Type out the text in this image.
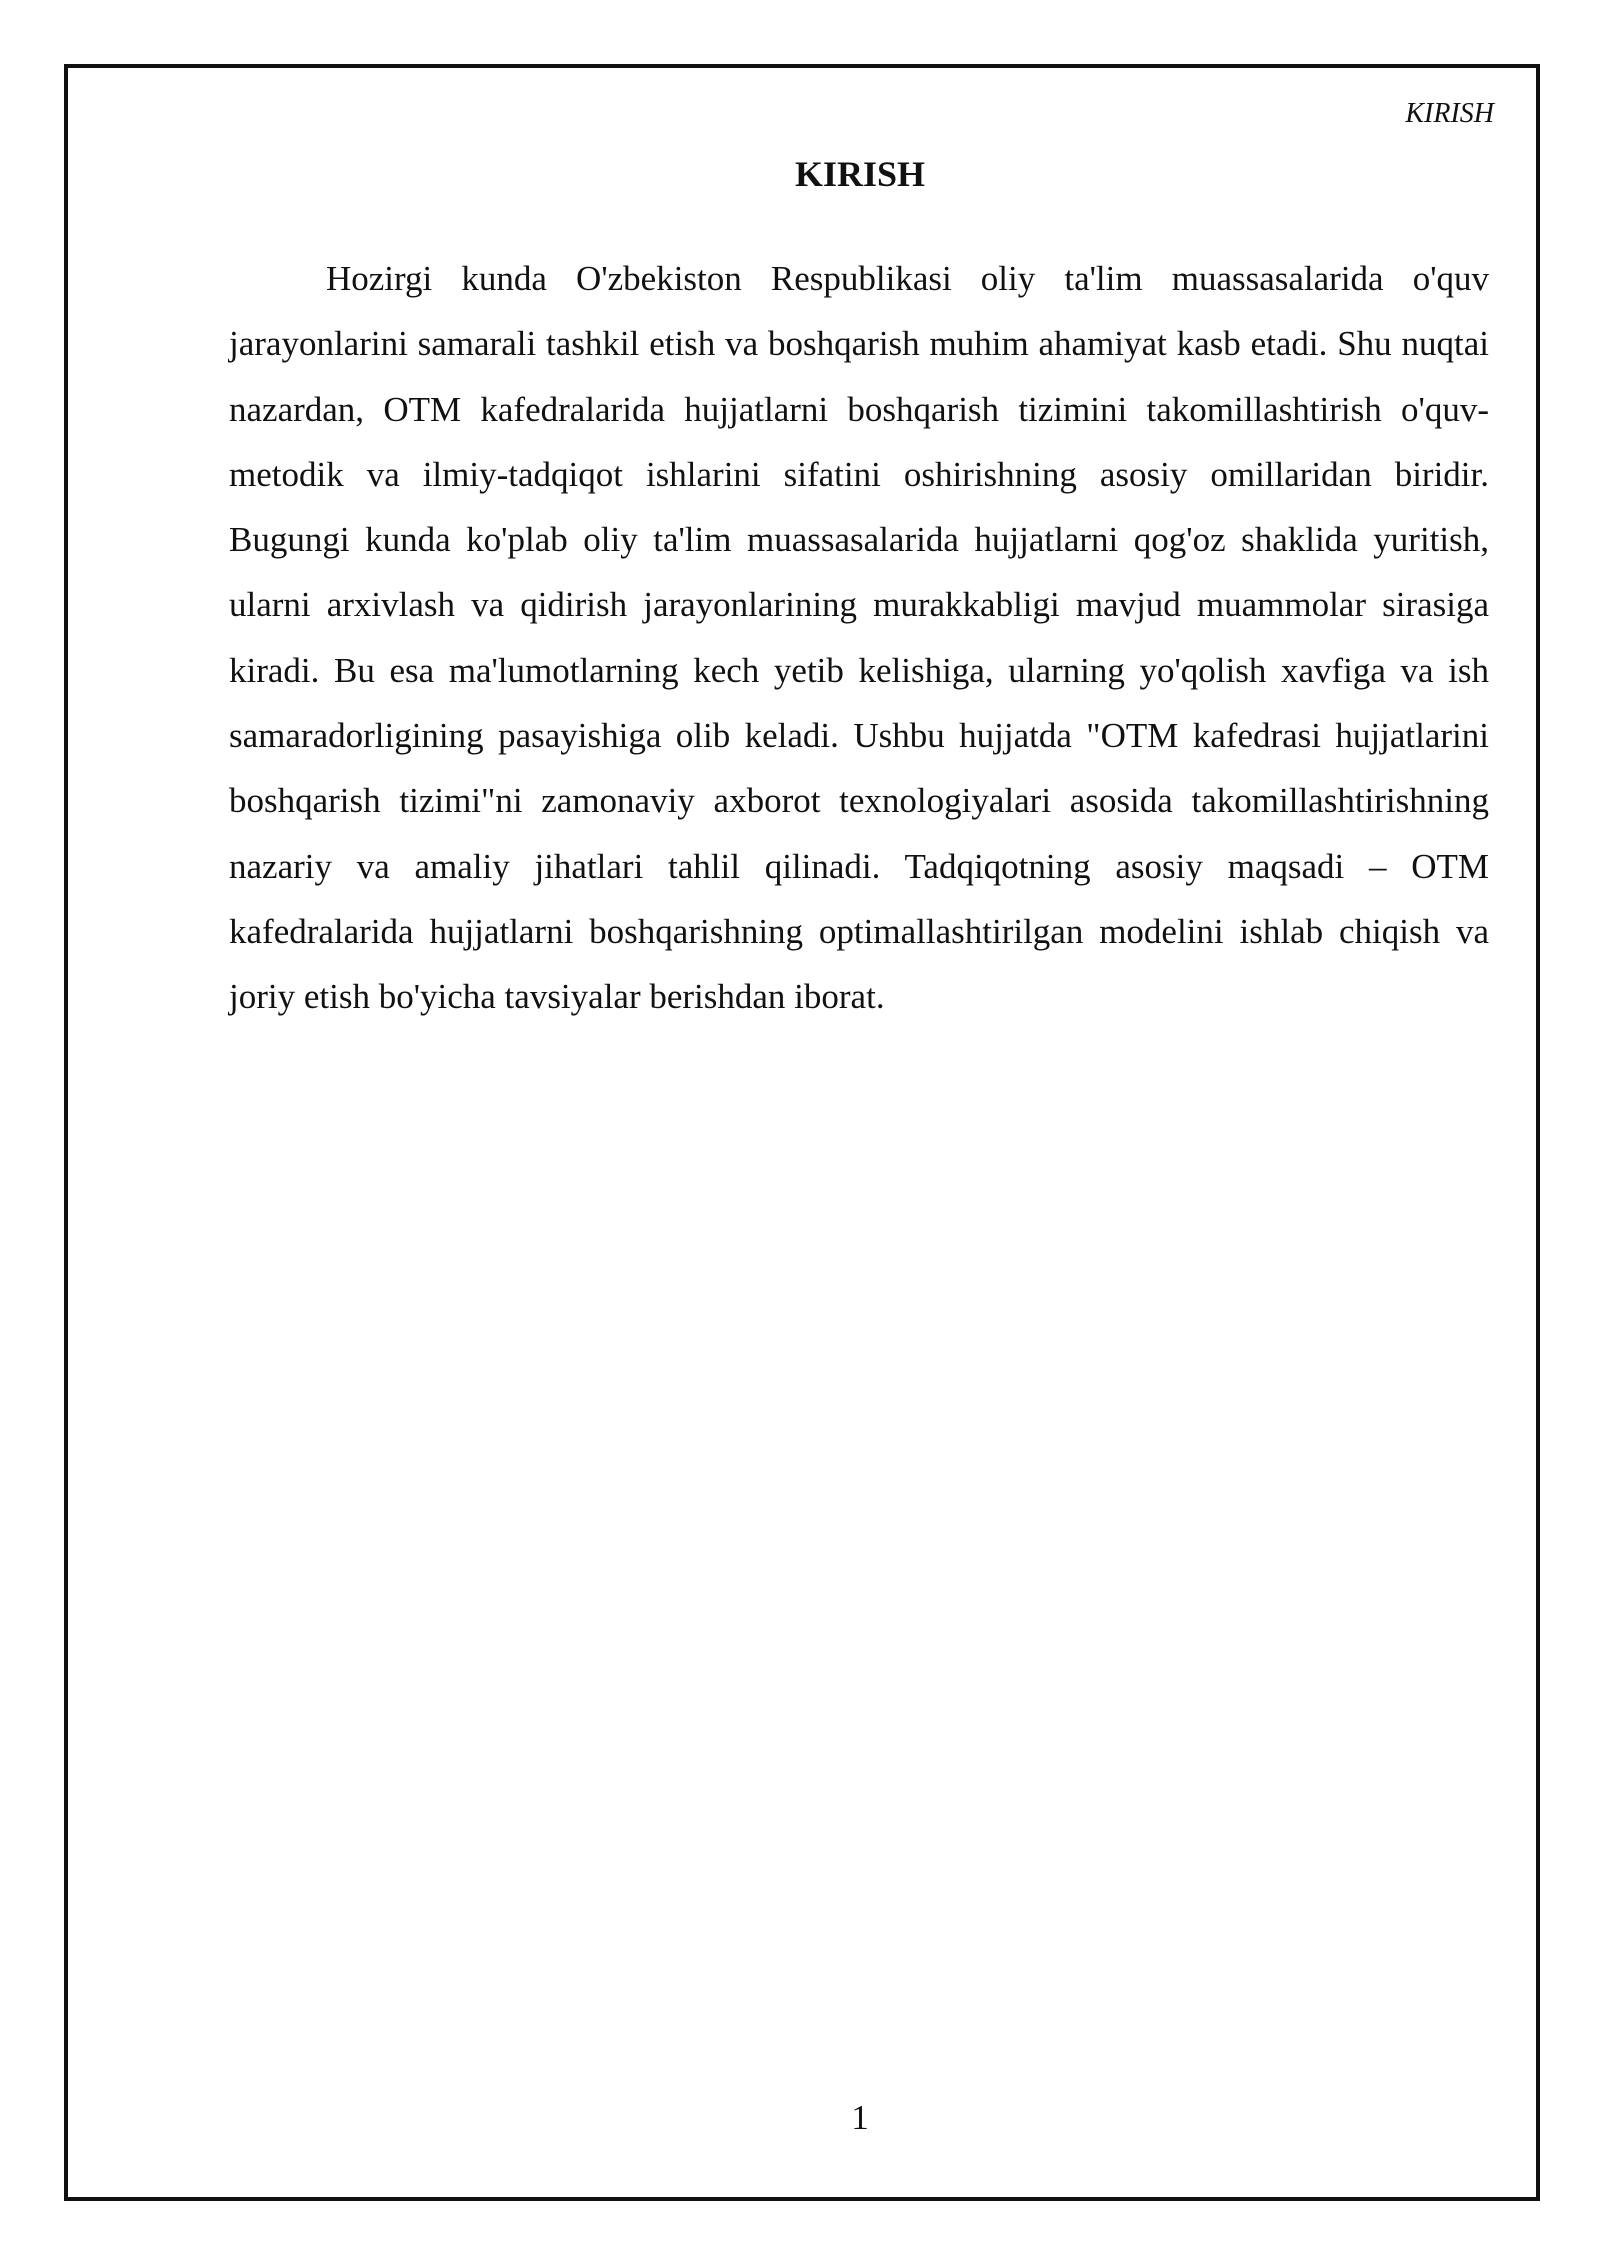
KIRISH
KIRISH

Hozirgi kunda O'zbekiston Respublikasi oliy ta'lim muassasalarida o'quv jarayonlarini samarali tashkil etish va boshqarish muhim ahamiyat kasb etadi. Shu nuqtai nazardan, OTM kafedralarida hujjatlarni boshqarish tizimini takomillashtirish o'quv-metodik va ilmiy-tadqiqot ishlarini sifatini oshirishning asosiy omillaridan biridir. Bugungi kunda ko'plab oliy ta'lim muassasalarida hujjatlarni qog'oz shaklida yuritish, ularni arxivlash va qidirish jarayonlarining murakkabligi mavjud muammolar sirasiga kiradi. Bu esa ma'lumotlarning kech yetib kelishiga, ularning yo'qolish xavfiga va ish samaradorligining pasayishiga olib keladi. Ushbu hujjatda "OTM kafedrasi hujjatlarini boshqarish tizimi"ni zamonaviy axborot texnologiyalari asosida takomillashtirishning nazariy va amaliy jihatlari tahlil qilinadi. Tadqiqotning asosiy maqsadi – OTM kafedralarida hujjatlarni boshqarishning optimallashtirilgan modelini ishlab chiqish va joriy etish bo'yicha tavsiyalar berishdan iborat.

1
